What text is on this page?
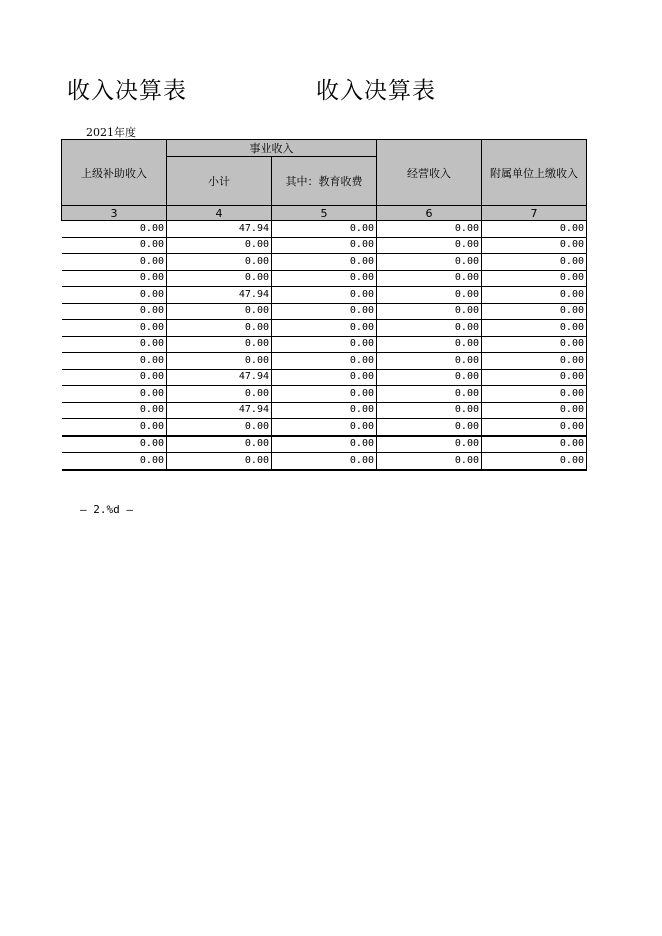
收入决算表	收入决算表
2021年度
上级补助收入	事业收入		经营收入	附属单位上缴收入
	小计	其中：教育收费		
3	4	5	6	7
0.00	47.94	0.00	0.00	0.00
0.00	0.00	0.00	0.00	0.00
0.00	0.00	0.00	0.00	0.00
0.00	0.00	0.00	0.00	0.00
0.00	47.94	0.00	0.00	0.00
0.00	0.00	0.00	0.00	0.00
0.00	0.00	0.00	0.00	0.00
0.00	0.00	0.00	0.00	0.00
0.00	0.00	0.00	0.00	0.00
0.00	47.94	0.00	0.00	0.00
0.00	0.00	0.00	0.00	0.00
0.00	47.94	0.00	0.00	0.00
0.00	0.00	0.00	0.00	0.00
0.00	0.00	0.00	0.00	0.00
0.00	0.00	0.00	0.00	0.00
— 2.%d —
